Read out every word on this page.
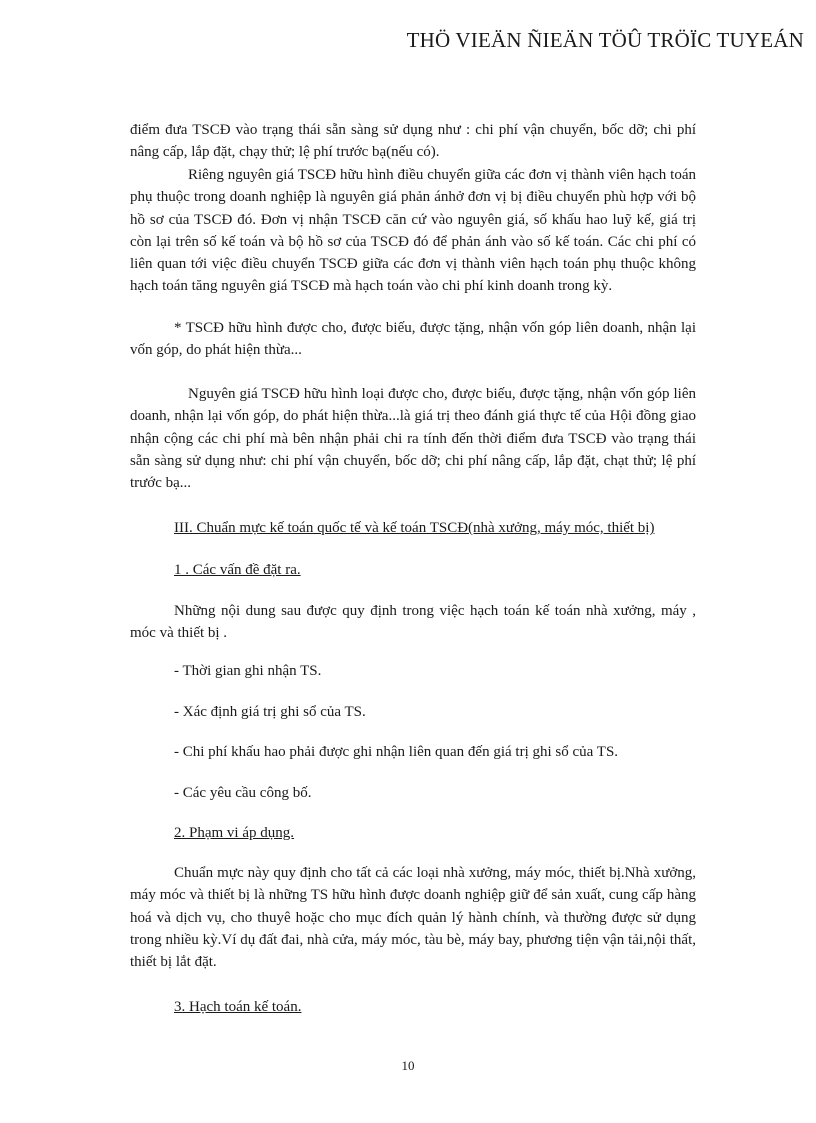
THÖ VIEÄN ÑIEÄN TÖÛ TRÖÏC TUYEÁN

điểm đưa TSCĐ vào trạng thái sẵn sàng sử dụng như : chi phí vận chuyển, bốc dỡ; chi phí nâng cấp, lắp đặt, chạy thử; lệ phí trước bạ(nếu có).

Riêng nguyên giá TSCĐ hữu hình điều chuyển giữa các đơn vị thành viên hạch toán phụ thuộc trong doanh nghiệp là nguyên giá phản ánhở đơn vị bị điều chuyển phù hợp với bộ hồ sơ của TSCĐ đó. Đơn vị nhận TSCĐ căn cứ vào nguyên giá, số khấu hao luỹ kế, giá trị còn lại trên số kế toán và bộ hồ sơ của TSCĐ đó để phản ánh vào số kế toán. Các chi phí có liên quan tới việc điều chuyển TSCĐ giữa các đơn vị thành viên hạch toán phụ thuộc không hạch toán tăng nguyên giá TSCĐ mà hạch toán vào chi phí kinh doanh trong kỳ.

* TSCĐ hữu hình được cho, được biếu, được tặng, nhận vốn góp liên doanh, nhận lại vốn góp, do phát hiện thừa...

Nguyên giá TSCĐ hữu hình loại được cho, được biếu, được tặng, nhận vốn góp liên doanh, nhận lại vốn góp, do phát hiện thừa...là giá trị theo đánh giá thực tế của Hội đồng giao nhận cộng các chi phí mà bên nhận phải chi ra tính đến thời điểm đưa TSCĐ vào trạng thái sẵn sàng sử dụng như: chi phí vận chuyển, bốc dỡ; chi phí nâng cấp, lắp đặt, chạt thử; lệ phí trước bạ...

III. Chuẩn mực kế toán quốc tế và kế toán TSCĐ(nhà xưởng, máy móc, thiết bị)
1 . Các vấn đề đặt ra.

Những nội dung sau được quy định trong việc hạch toán kế toán nhà xưởng, máy , móc và thiết bị .

- Thời gian ghi nhận TS.
- Xác định giá trị ghi sổ của TS.
- Chi phí khấu hao phải được ghi nhận liên quan đến giá trị ghi sổ của TS.
- Các yêu cầu công bố.
2. Phạm vi áp dụng.

Chuẩn mực này quy định cho tất cả các loại nhà xưởng, máy móc, thiết bị.Nhà xưởng, máy móc và thiết bị là những TS hữu hình được doanh nghiệp giữ để sản xuất, cung cấp hàng hoá và dịch vụ, cho thuyê hoặc cho mục đích quản lý hành chính, và thường được sử dụng trong nhiều kỳ.Ví dụ đất đai, nhà cửa, máy móc, tàu bè, máy bay, phương tiện vận tải,nội thất, thiết bị lắt đặt.

3. Hạch toán kế toán.
10
